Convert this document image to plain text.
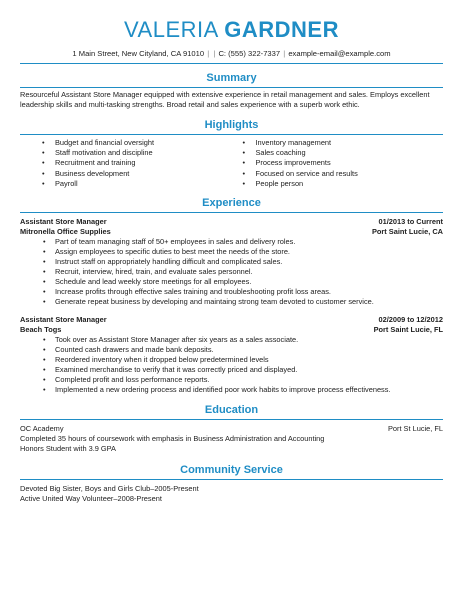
VALERIA GARDNER
1 Main Street, New Cityland, CA 91010 | | C: (555) 322-7337 | example-email@example.com
Summary

Resourceful Assistant Store Manager equipped with extensive experience in retail management and sales. Employs excellent leadership skills and multi-tasking strengths. Broad retail and sales experience with a superb work ethic.

Highlights
• Budget and financial oversight
• Staff motivation and discipline
• Recruitment and training
• Business development
• Payroll
• Inventory management
• Sales coaching
• Process improvements
• Focused on service and results
• People person
Experience
Assistant Store Manager	01/2013 to Current
Mitronella Office Supplies	Port Saint Lucie, CA
• Part of team managing staff of 50+ employees in sales and delivery roles.
• Assign employees to specific duties to best meet the needs of the store.
• Instruct staff on appropriately handling difficult and complicated sales.
• Recruit, interview, hired, train, and evaluate sales personnel.
• Schedule and lead weekly store meetings for all employees.
• Increase profits through effective sales training and troubleshooting profit loss areas.
• Generate repeat business by developing and maintaing strong team devoted to customer service.
Assistant Store Manager	02/2009 to 12/2012
Beach Togs	Port Saint Lucie, FL
• Took over as Assistant Store Manager after six years as a sales associate.
• Counted cash drawers and made bank deposits.
• Reordered inventory when it dropped below predetermined levels
• Examined merchandise to verify that it was correctly priced and displayed.
• Completed profit and loss performance reports.
• Implemented a new ordering process and identified poor work habits to improve process effectiveness.
Education
OC Academy	Port St Lucie, FL

Completed 35 hours of coursework with emphasis in Business Administration and Accounting

Honors Student with 3.9 GPA

Community Service

Devoted Big Sister, Boys and Girls Club–2005-Present

Active United Way Volunteer–2008-Present
